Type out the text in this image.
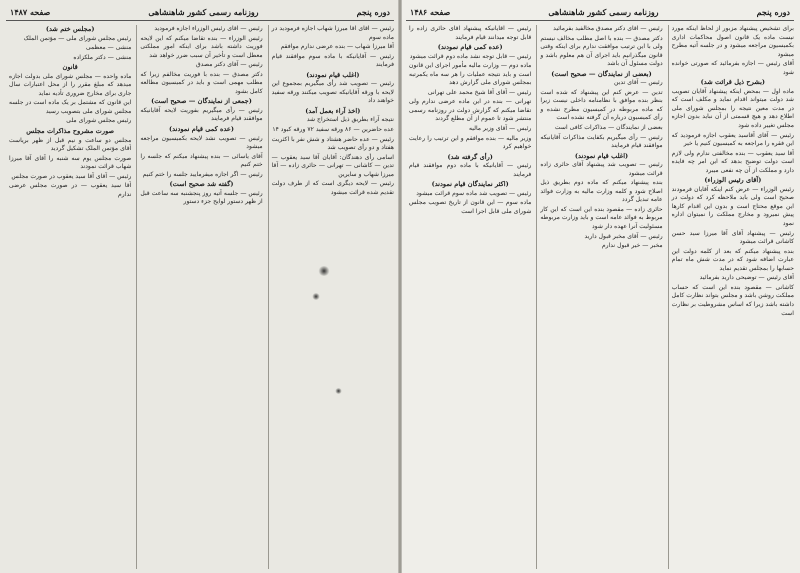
صفحه ۱۴۸۷	روزنامه رسمی کشور شاهنشاهی	دوره پنجم

رئیس — آقای آقا میرزا شهاب اجازه فرمودید در ماده سوم

آقا میرزا شهاب — بنده عرضی ندارم موافقم

رئیس — آقایانیکه با ماده سوم موافقند قیام فرمایند

(اغلب قیام نمودند)

رئیس — تصویب شد رأی میگیریم بمجموع این لایحه با ورقه آقایانیکه تصویب میکنند ورقه سفید خواهند داد

(اخذ آراء بعمل آمد)

نتیجه آراء بطریق ذیل استخراج شد

عده حاضرین — ۸۶ ورقه سفید ۷۲ ورقه کبود ۱۴

رئیس — عده حاضر هشتاد و شش نفر با اکثریت هفتاد و دو رأی تصویب شد

اسامی رأی دهندگان: آقایان آقا سید یعقوب — تدین — کاشانی — تهرانی — حائری زاده — آقا میرزا شهاب و سایرین

رئیس — لایحه دیگری است که از طرف دولت تقدیم شده قرائت میشود

رئیس — آقای رئیس الوزراء اجازه فرمودید

رئیس الوزراء — بنده تقاضا میکنم که این لایحه فوریت داشته باشد برای اینکه امور مملکتی معطل است و تأخیر آن سبب ضرر خواهد شد

رئیس — آقای دکتر مصدق

دکتر مصدق — بنده با فوریت مخالفم زیرا که مطلب مهمی است و باید در کمیسیون مطالعه کامل بشود

(جمعی از نمایندگان — صحیح است)

رئیس — رأی میگیریم بفوریت لایحه آقایانیکه موافقند قیام فرمایند

(عده کمی قیام نمودند)

رئیس — تصویب نشد لایحه بکمیسیون مراجعه میشود

آقای یاسائی — بنده پیشنهاد میکنم که جلسه را ختم کنیم

رئیس — اگر اجازه میفرمایید جلسه را ختم کنیم

(گفته شد صحیح است)

رئیس — جلسه آتیه روز پنجشنبه سه ساعت قبل از ظهر دستور لوایح جزء دستور

(مجلس ختم شد)

رئیس مجلس شورای ملی — مؤتمن الملک

منشی — معظمی

منشی — دکتر ملکزاده

قانون

ماده واحده — مجلس شورای ملی بدولت اجازه میدهد که مبلغ مقرر را از محل اعتبارات سال جاری برای مخارج ضروری تأدیه نماید

این قانون که مشتمل بر یک ماده است در جلسه مجلس شورای ملی بتصویب رسید

رئیس مجلس شورای ملی

صورت مشروح مذاکرات مجلس

مجلس دو ساعت و نیم قبل از ظهر بریاست آقای مؤتمن الملک تشکیل گردید

صورت مجلس یوم سه شنبه را آقای آقا میرزا شهاب قرائت نمودند

رئیس — آقای آقا سید یعقوب در صورت مجلس

آقا سید یعقوب — در صورت مجلس عرضی ندارم

صفحه ۱۴۸۶	روزنامه رسمی کشور شاهنشاهی	دوره پنجم

برای تشخیص پیشنهاد مزبور از لحاظ اینکه مورد نیست ماده یک قانون اصول محاکمات اداری بکمیسیون مراجعه میشود و در جلسه آتیه مطرح میشود

آقای رئیس — اجازه بفرمائید که صورتی خوانده شود

(بشرح ذیل قرائت شد)

ماده اول — بمحض اینکه پیشنهاد آقایان تصویب شد دولت میتواند اقدام نماید و مکلف است که در مدت معین نتیجه را بمجلس شورای ملی اطلاع دهد و هیچ قسمتی از آن نباید بدون اجازه مجلس تغییر داده شود

رئیس — آقای آقاسید یعقوب اجازه فرمودید که این فقره را مراجعه به کمیسیون کنیم یا خیر

آقا سید یعقوب — بنده مخالفتی ندارم ولی لازم است دولت توضیح بدهد که این امر چه فایده دارد و مملکت از آن چه نفعی میبرد

(آقای رئیس الوزراء)

رئیس الوزراء — عرض کنم اینکه آقایان فرمودند صحیح است ولی باید ملاحظه کرد که دولت در این موقع محتاج است و بدون این اقدام کارها پیش نمیرود و مخارج مملکت را نمیتوان اداره نمود

رئیس — پیشنهاد آقای آقا میرزا سید حسن کاشانی قرائت میشود

بنده پیشنهاد میکنم که بعد از کلمه دولت این عبارت اضافه شود که در مدت شش ماه تمام حسابها را بمجلس تقدیم نماید

آقای رئیس — توضیحی دارید بفرمائید

کاشانی — مقصود بنده این است که حساب مملکت روشن باشد و مجلس بتواند نظارت کامل داشته باشد زیرا که اساس مشروطیت بر نظارت است

رئیس — آقای دکتر مصدق مخالفید بفرمائید

دکتر مصدق — بنده با اصل مطلب مخالف نیستم ولی با این ترتیب موافقت ندارم برای اینکه وقتی قانون میگذرانیم باید اجرای آن هم معلوم باشد و دولت مسئول آن باشد

(بعضی از نمایندگان — صحیح است)

رئیس — آقای تدین

تدین — عرض کنم این پیشنهاد که شده است بنظر بنده موافق با نظامنامه داخلی نیست زیرا که ماده مربوطه در کمیسیون مطرح نشده و رأی کمیسیون درباره آن گرفته نشده است

بعضی از نمایندگان — مذاکرات کافی است

رئیس — رأی میگیریم بکفایت مذاکرات آقایانیکه موافقند قیام فرمایند

(اغلب قیام نمودند)

رئیس — تصویب شد پیشنهاد آقای حائری زاده قرائت میشود

بنده پیشنهاد میکنم که ماده دوم بطریق ذیل اصلاح شود و کلمه وزارت مالیه به وزارت فوائد عامه تبدیل گردد

حائری زاده — مقصود بنده این است که این کار مربوط به فوائد عامه است و باید وزارت مربوطه مسئولیت آنرا عهده دار شود

رئیس — آقای مخبر قبول دارید

مخبر — خیر قبول ندارم

رئیس — آقایانیکه پیشنهاد آقای حائری زاده را قابل توجه میدانند قیام فرمایند

(عده کمی قیام نمودند)

رئیس — قابل توجه نشد ماده دوم قرائت میشود

ماده دوم — وزارت مالیه مأمور اجرای این قانون است و باید نتیجه عملیات را هر سه ماه یکمرتبه بمجلس شورای ملی گزارش دهد

رئیس — آقای آقا شیخ محمد علی تهرانی

تهرانی — بنده در این ماده عرضی ندارم ولی تقاضا میکنم که گزارش دولت در روزنامه رسمی منتشر شود تا عموم از آن مطلع گردند

رئیس — آقای وزیر مالیه

وزیر مالیه — بنده موافقم و این ترتیب را رعایت خواهیم کرد

(رأی گرفته شد)

رئیس — آقایانیکه با ماده دوم موافقند قیام فرمایند

(اکثر نمایندگان قیام نمودند)

رئیس — تصویب شد ماده سوم قرائت میشود

ماده سوم — این قانون از تاریخ تصویب مجلس شورای ملی قابل اجرا است
